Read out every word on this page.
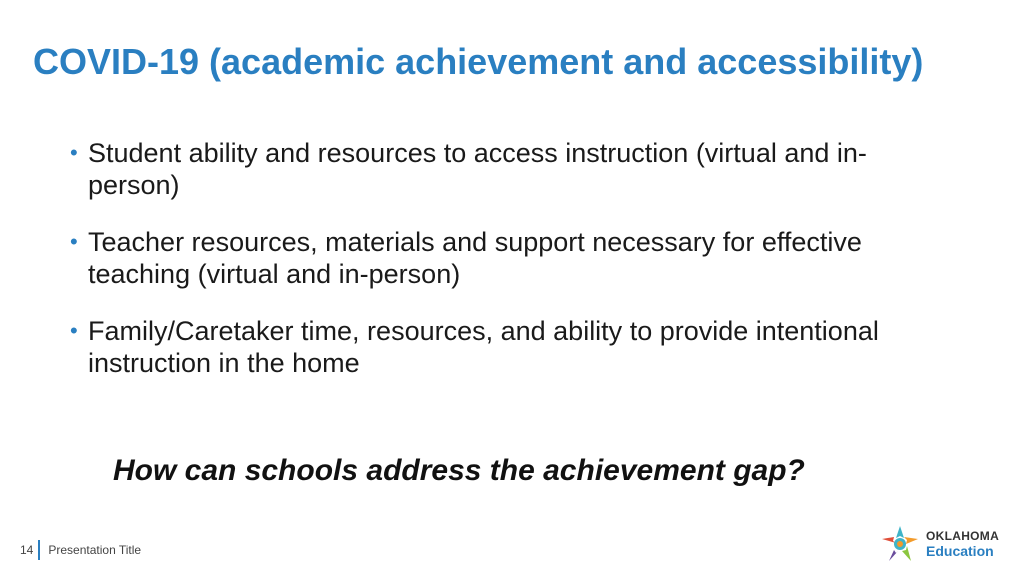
COVID-19 (academic achievement and accessibility)
• Student ability and resources to access instruction (virtual and in-person)
• Teacher resources, materials and support necessary for effective teaching (virtual and in-person)
• Family/Caretaker time, resources, and ability to provide intentional instruction in the home

How can schools address the achievement gap?

14 Presentation Title
OKLAHOMA
Education
